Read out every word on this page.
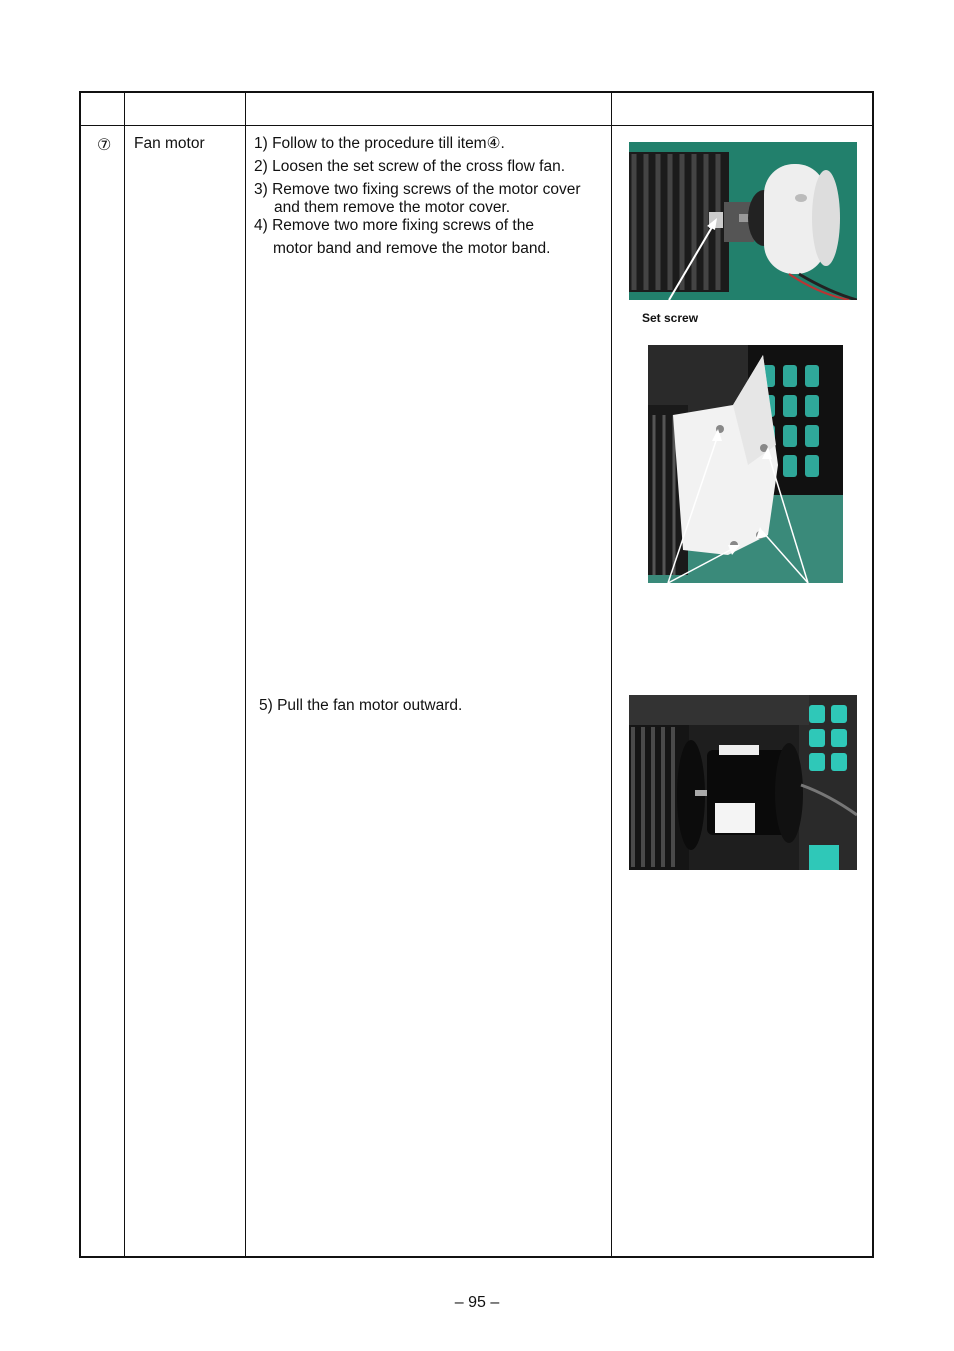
⑦ Fan motor	1) Follow to the procedure till item④.
2) Loosen the set screw of the cross flow fan.
3) Remove two fixing screws of the motor cover
and them remove the motor cover.
4) Remove two more fixing screws of the
motor band and remove the motor band.
5) Pull the fan motor outward.
Set screw
– 95 –
